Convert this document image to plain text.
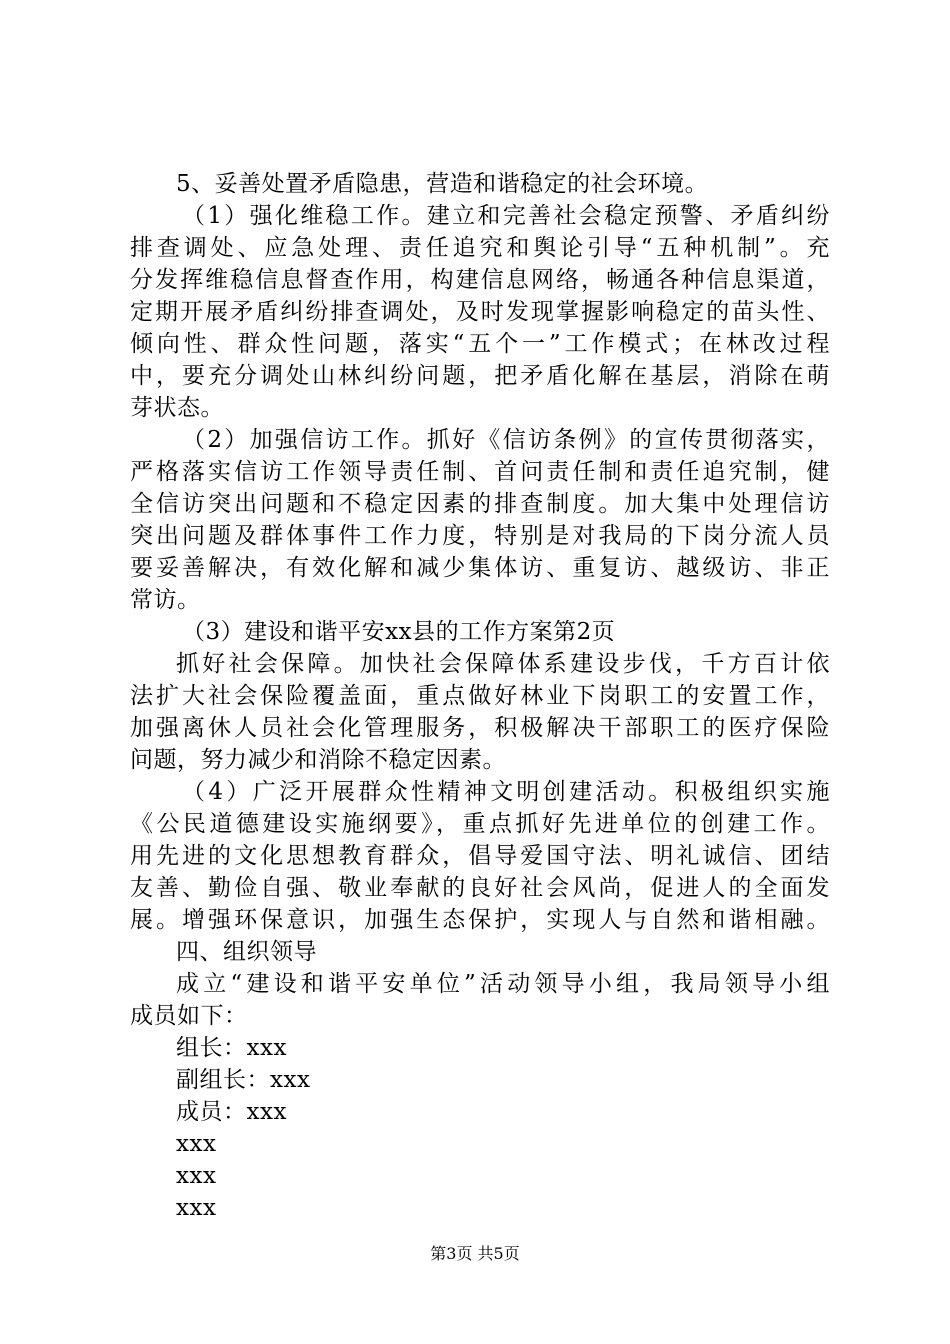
5、妥善处置矛盾隐患，营造和谐稳定的社会环境。
（1）强化维稳工作。建立和完善社会稳定预警、矛盾纠纷
排查调处、应急处理、责任追究和舆论引导“五种机制”。充
分发挥维稳信息督查作用，构建信息网络，畅通各种信息渠道，
定期开展矛盾纠纷排查调处，及时发现掌握影响稳定的苗头性、
倾向性、群众性问题，落实“五个一”工作模式；在林改过程
中，要充分调处山林纠纷问题，把矛盾化解在基层，消除在萌
芽状态。
（2）加强信访工作。抓好《信访条例》的宣传贯彻落实，
严格落实信访工作领导责任制、首问责任制和责任追究制，健
全信访突出问题和不稳定因素的排查制度。加大集中处理信访
突出问题及群体事件工作力度，特别是对我局的下岗分流人员
要妥善解决，有效化解和减少集体访、重复访、越级访、非正
常访。
（3）建设和谐平安xx县的工作方案第2页
抓好社会保障。加快社会保障体系建设步伐，千方百计依
法扩大社会保险覆盖面，重点做好林业下岗职工的安置工作，
加强离休人员社会化管理服务，积极解决干部职工的医疗保险
问题，努力减少和消除不稳定因素。
（4）广泛开展群众性精神文明创建活动。积极组织实施
《公民道德建设实施纲要》，重点抓好先进单位的创建工作。
用先进的文化思想教育群众，倡导爱国守法、明礼诚信、团结
友善、勤俭自强、敬业奉献的良好社会风尚，促进人的全面发
展。增强环保意识，加强生态保护，实现人与自然和谐相融。
四、组织领导
成立“建设和谐平安单位”活动领导小组，我局领导小组
成员如下：
组长：xxx
副组长：xxx
成员：xxx
xxx
xxx
xxx
第3页 共5页
